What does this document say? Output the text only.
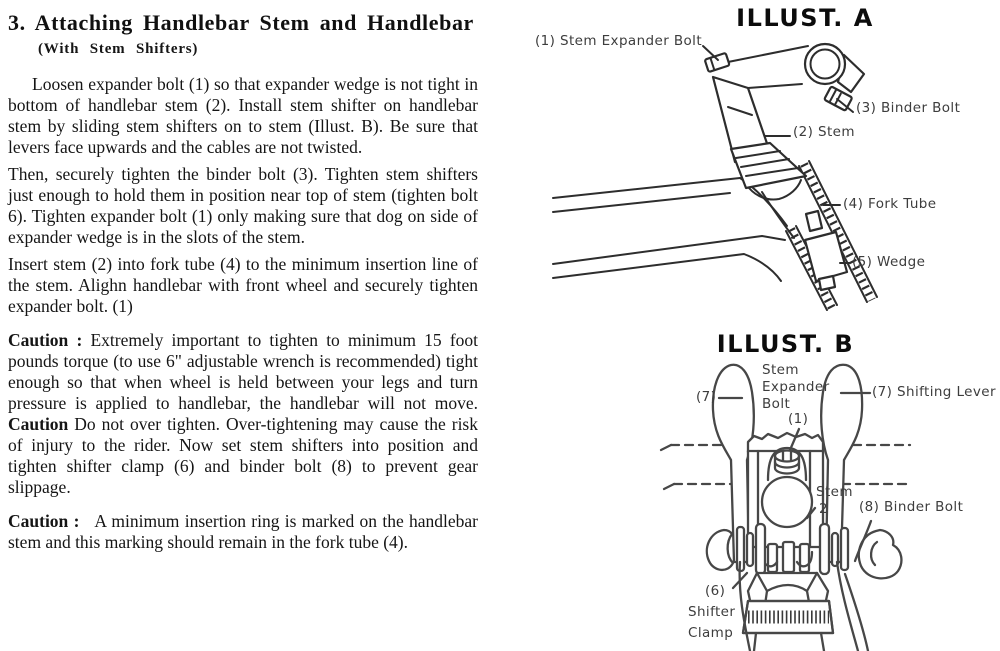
3. Attaching Handlebar Stem and Handlebar
(With Stem Shifters)

Loosen expander bolt (1) so that expander wedge is not tight in bottom of handlebar stem (2). Install stem shifter on handlebar stem by sliding stem shifters on to stem (Illust. B). Be sure that levers face upwards and the cables are not twisted.

Then, securely tighten the binder bolt (3). Tighten stem shifters just enough to hold them in position near top of stem (tighten bolt 6). Tighten expander bolt (1) only making sure that dog on side of expander wedge is in the slots of the stem.

Insert stem (2) into fork tube (4) to the minimum insertion line of the stem. Alighn handlebar with front wheel and securely tighten expander bolt. (1)

Caution : Extremely important to tighten to minimum 15 foot pounds torque (to use 6" adjustable wrench is recommended) tight enough so that when wheel is held between your legs and turn pressure is applied to handlebar, the handlebar will not move. Caution Do not over tighten. Over-tightening may cause the risk of injury to the rider. Now set stem shifters into position and tighten shifter clamp (6) and binder bolt (8) to prevent gear slippage.

Caution :   A minimum insertion ring is marked on the handlebar stem and this marking should remain in the fork tube (4).

ILLUST. A
(1) Stem Expander Bolt
(3) Binder Bolt
(2) Stem
(4) Fork Tube
(5) Wedge
ILLUST. B
(7)
Stem
Expander
Bolt
(1)
(7) Shifting Lever
Stem
2 (8) Binder Bolt
(6)
Shifter
Clamp
